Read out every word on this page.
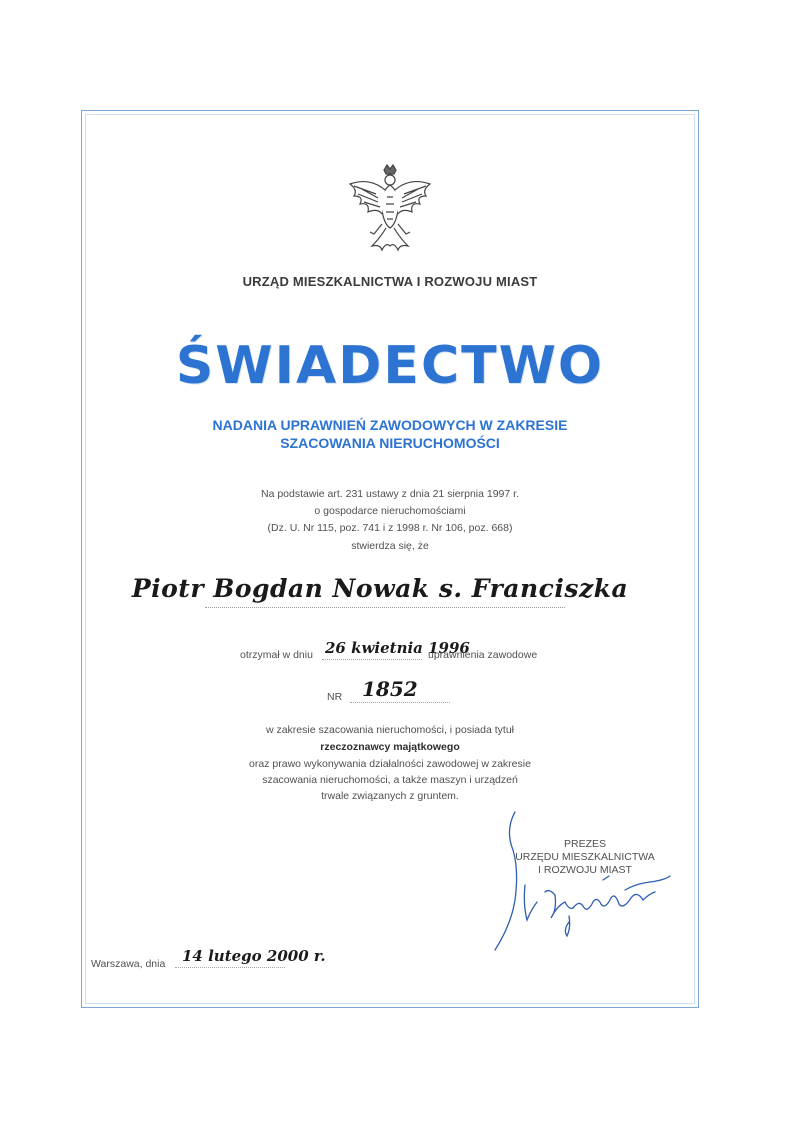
URZĄD MIESZKALNICTWA I ROZWOJU MIAST
ŚWIADECTWO
NADANIA UPRAWNIEŃ ZAWODOWYCH W ZAKRESIE
SZACOWANIA NIERUCHOMOŚCI
Na podstawie art. 231 ustawy z dnia 21 sierpnia 1997 r.
o gospodarce nieruchomościami
(Dz. U. Nr 115, poz. 741 i z 1998 r. Nr 106, poz. 668)
stwierdza się, że
Piotr Bogdan Nowak s. Franciszka
otrzymał w dniu 26 kwietnia 1996
uprawnienia zawodowe
NR 1852
w zakresie szacowania nieruchomości, i posiada tytuł
rzeczoznawcy majątkowego
oraz prawo wykonywania działalności zawodowej w zakresie
szacowania nieruchomości, a także maszyn i urządzeń
trwale związanych z gruntem.
PREZES
URZĘDU MIESZKALNICTWA
I ROZWOJU MIAST
Warszawa, dnia 14 lutego 2000 r.
